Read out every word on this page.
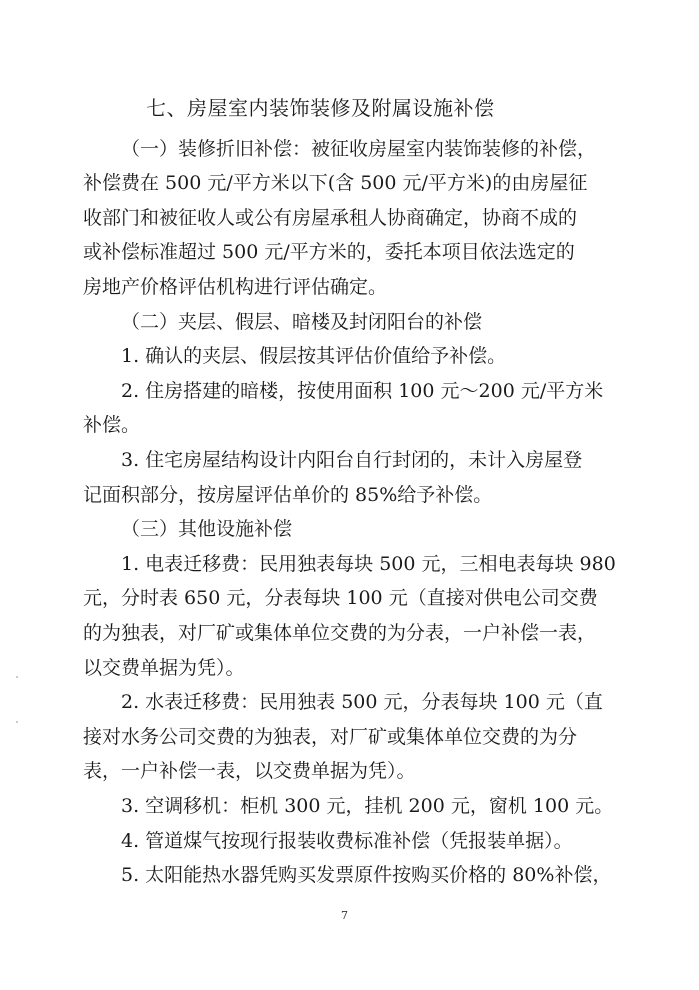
七、房屋室内装饰装修及附属设施补偿
（一）装修折旧补偿：被征收房屋室内装饰装修的补偿，
补偿费在 500 元/平方米以下(含 500 元/平方米)的由房屋征
收部门和被征收人或公有房屋承租人协商确定，协商不成的
或补偿标准超过 500 元/平方米的，委托本项目依法选定的
房地产价格评估机构进行评估确定。
（二）夹层、假层、暗楼及封闭阳台的补偿
1. 确认的夹层、假层按其评估价值给予补偿。
2. 住房搭建的暗楼，按使用面积 100 元～200 元/平方米
补偿。
3. 住宅房屋结构设计内阳台自行封闭的，未计入房屋登
记面积部分，按房屋评估单价的 85%给予补偿。
（三）其他设施补偿
1. 电表迁移费：民用独表每块 500 元，三相电表每块 980
元，分时表 650 元，分表每块 100 元（直接对供电公司交费
的为独表，对厂矿或集体单位交费的为分表，一户补偿一表，
以交费单据为凭）。
2. 水表迁移费：民用独表 500 元，分表每块 100 元（直
接对水务公司交费的为独表，对厂矿或集体单位交费的为分
表，一户补偿一表，以交费单据为凭）。
3. 空调移机：柜机 300 元，挂机 200 元，窗机 100 元。
4. 管道煤气按现行报装收费标准补偿（凭报装单据）。
5. 太阳能热水器凭购买发票原件按购买价格的 80%补偿，
7
